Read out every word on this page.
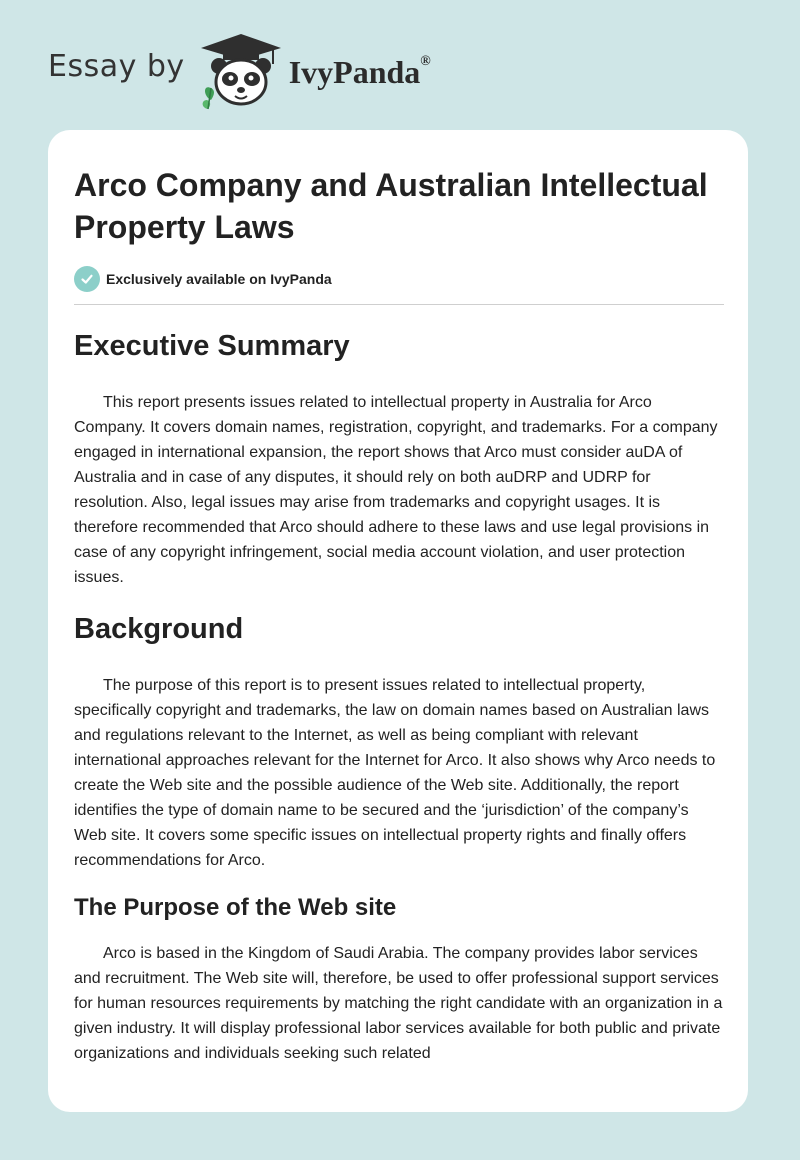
Essay by	IvyPanda®
Arco Company and Australian Intellectual Property Laws
Exclusively available on IvyPanda
Executive Summary

This report presents issues related to intellectual property in Australia for Arco Company. It covers domain names, registration, copyright, and trademarks. For a company engaged in international expansion, the report shows that Arco must consider auDA of Australia and in case of any disputes, it should rely on both auDRP and UDRP for resolution. Also, legal issues may arise from trademarks and copyright usages. It is therefore recommended that Arco should adhere to these laws and use legal provisions in case of any copyright infringement, social media account violation, and user protection issues.

Background

The purpose of this report is to present issues related to intellectual property, specifically copyright and trademarks, the law on domain names based on Australian laws and regulations relevant to the Internet, as well as being compliant with relevant international approaches relevant for the Internet for Arco. It also shows why Arco needs to create the Web site and the possible audience of the Web site. Additionally, the report identifies the type of domain name to be secured and the ‘jurisdiction’ of the company’s Web site. It covers some specific issues on intellectual property rights and finally offers recommendations for Arco.

The Purpose of the Web site

Arco is based in the Kingdom of Saudi Arabia. The company provides labor services and recruitment. The Web site will, therefore, be used to offer professional support services for human resources requirements by matching the right candidate with an organization in a given industry. It will display professional labor services available for both public and private organizations and individuals seeking such related
